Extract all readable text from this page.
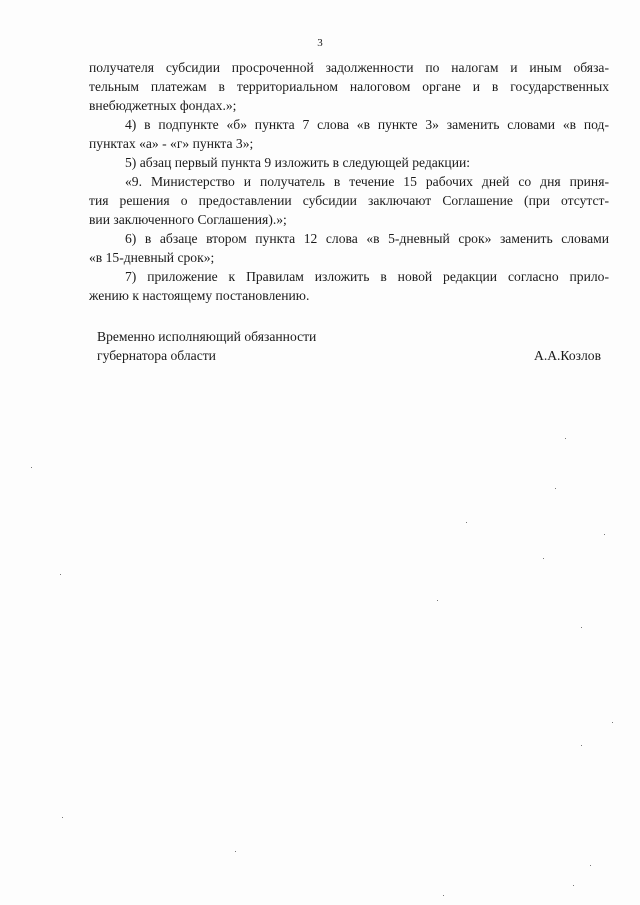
3
получателя субсидии просроченной задолженности по налогам и иным обяза-
тельным платежам в территориальном налоговом органе и в государственных
внебюджетных фондах.»;
4) в подпункте «б» пункта 7 слова «в пункте 3» заменить словами «в под-
пунктах «а» - «г» пункта 3»;
5) абзац первый пункта 9 изложить в следующей редакции:
«9. Министерство и получатель в течение 15 рабочих дней со дня приня-
тия решения о предоставлении субсидии заключают Соглашение (при отсутст-
вии заключенного Соглашения).»;
6) в абзаце втором пункта 12 слова «в 5-дневный срок» заменить словами
«в 15-дневный срок»;
7) приложение к Правилам изложить в новой редакции согласно прило-
жению к настоящему постановлению.
Временно исполняющий обязанности
губернатора области	А.А.Козлов
